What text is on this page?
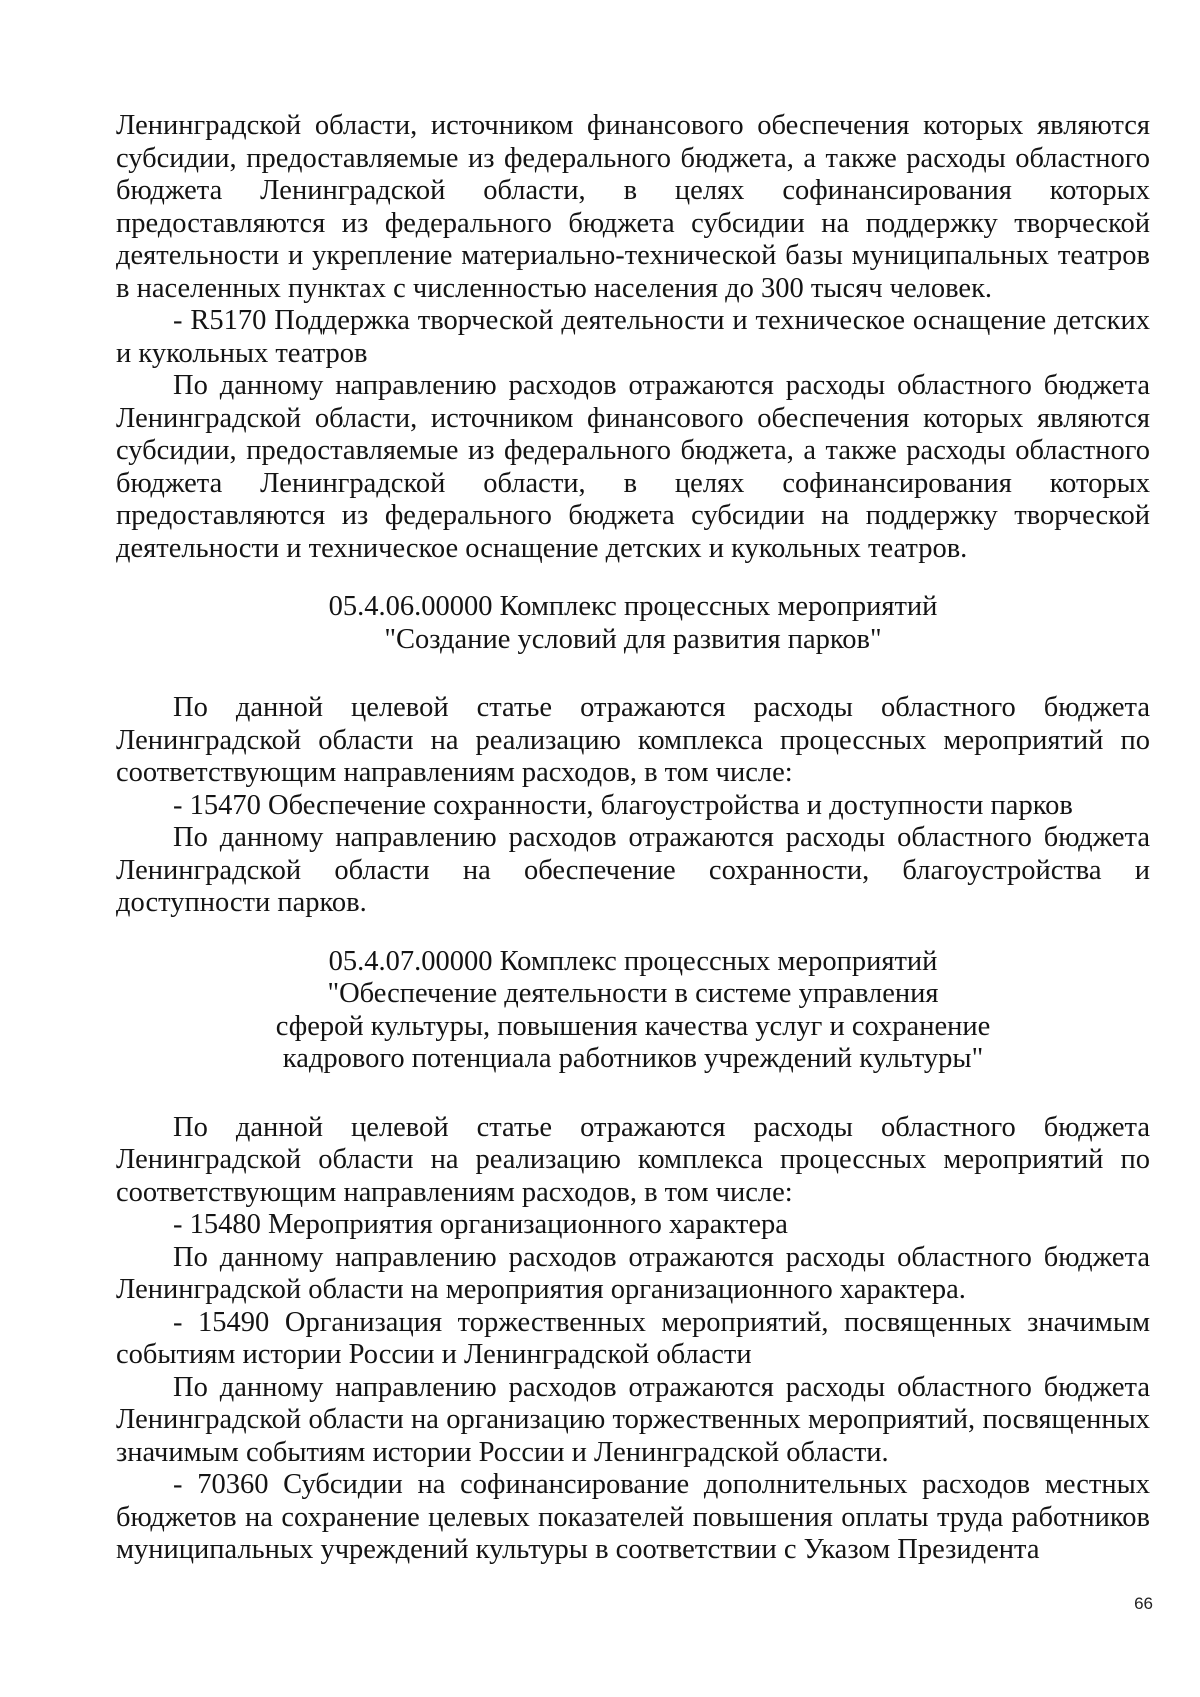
Ленинградской области, источником финансового обеспечения которых являются субсидии, предоставляемые из федерального бюджета, а также расходы областного бюджета Ленинградской области, в целях софинансирования которых предоставляются из федерального бюджета субсидии на поддержку творческой деятельности и укрепление материально-технической базы муниципальных театров в населенных пунктах с численностью населения до 300 тысяч человек.

- R5170 Поддержка творческой деятельности и техническое оснащение детских и кукольных театров

По данному направлению расходов отражаются расходы областного бюджета Ленинградской области, источником финансового обеспечения которых являются субсидии, предоставляемые из федерального бюджета, а также расходы областного бюджета Ленинградской области, в целях софинансирования которых предоставляются из федерального бюджета субсидии на поддержку творческой деятельности и техническое оснащение детских и кукольных театров.

05.4.06.00000 Комплекс процессных мероприятий

"Создание условий для развития парков"

По данной целевой статье отражаются расходы областного бюджета Ленинградской области на реализацию комплекса процессных мероприятий по соответствующим направлениям расходов, в том числе:

- 15470 Обеспечение сохранности, благоустройства и доступности парков

По данному направлению расходов отражаются расходы областного бюджета Ленинградской области на обеспечение сохранности, благоустройства и доступности парков.

05.4.07.00000 Комплекс процессных мероприятий

"Обеспечение деятельности в системе управления

сферой культуры, повышения качества услуг и сохранение

кадрового потенциала работников учреждений культуры"

По данной целевой статье отражаются расходы областного бюджета Ленинградской области на реализацию комплекса процессных мероприятий по соответствующим направлениям расходов, в том числе:

- 15480 Мероприятия организационного характера

По данному направлению расходов отражаются расходы областного бюджета Ленинградской области на мероприятия организационного характера.

- 15490 Организация торжественных мероприятий, посвященных значимым событиям истории России и Ленинградской области

По данному направлению расходов отражаются расходы областного бюджета Ленинградской области на организацию торжественных мероприятий, посвященных значимым событиям истории России и Ленинградской области.

- 70360 Субсидии на софинансирование дополнительных расходов местных бюджетов на сохранение целевых показателей повышения оплаты труда работников муниципальных учреждений культуры в соответствии с Указом Президента

66
